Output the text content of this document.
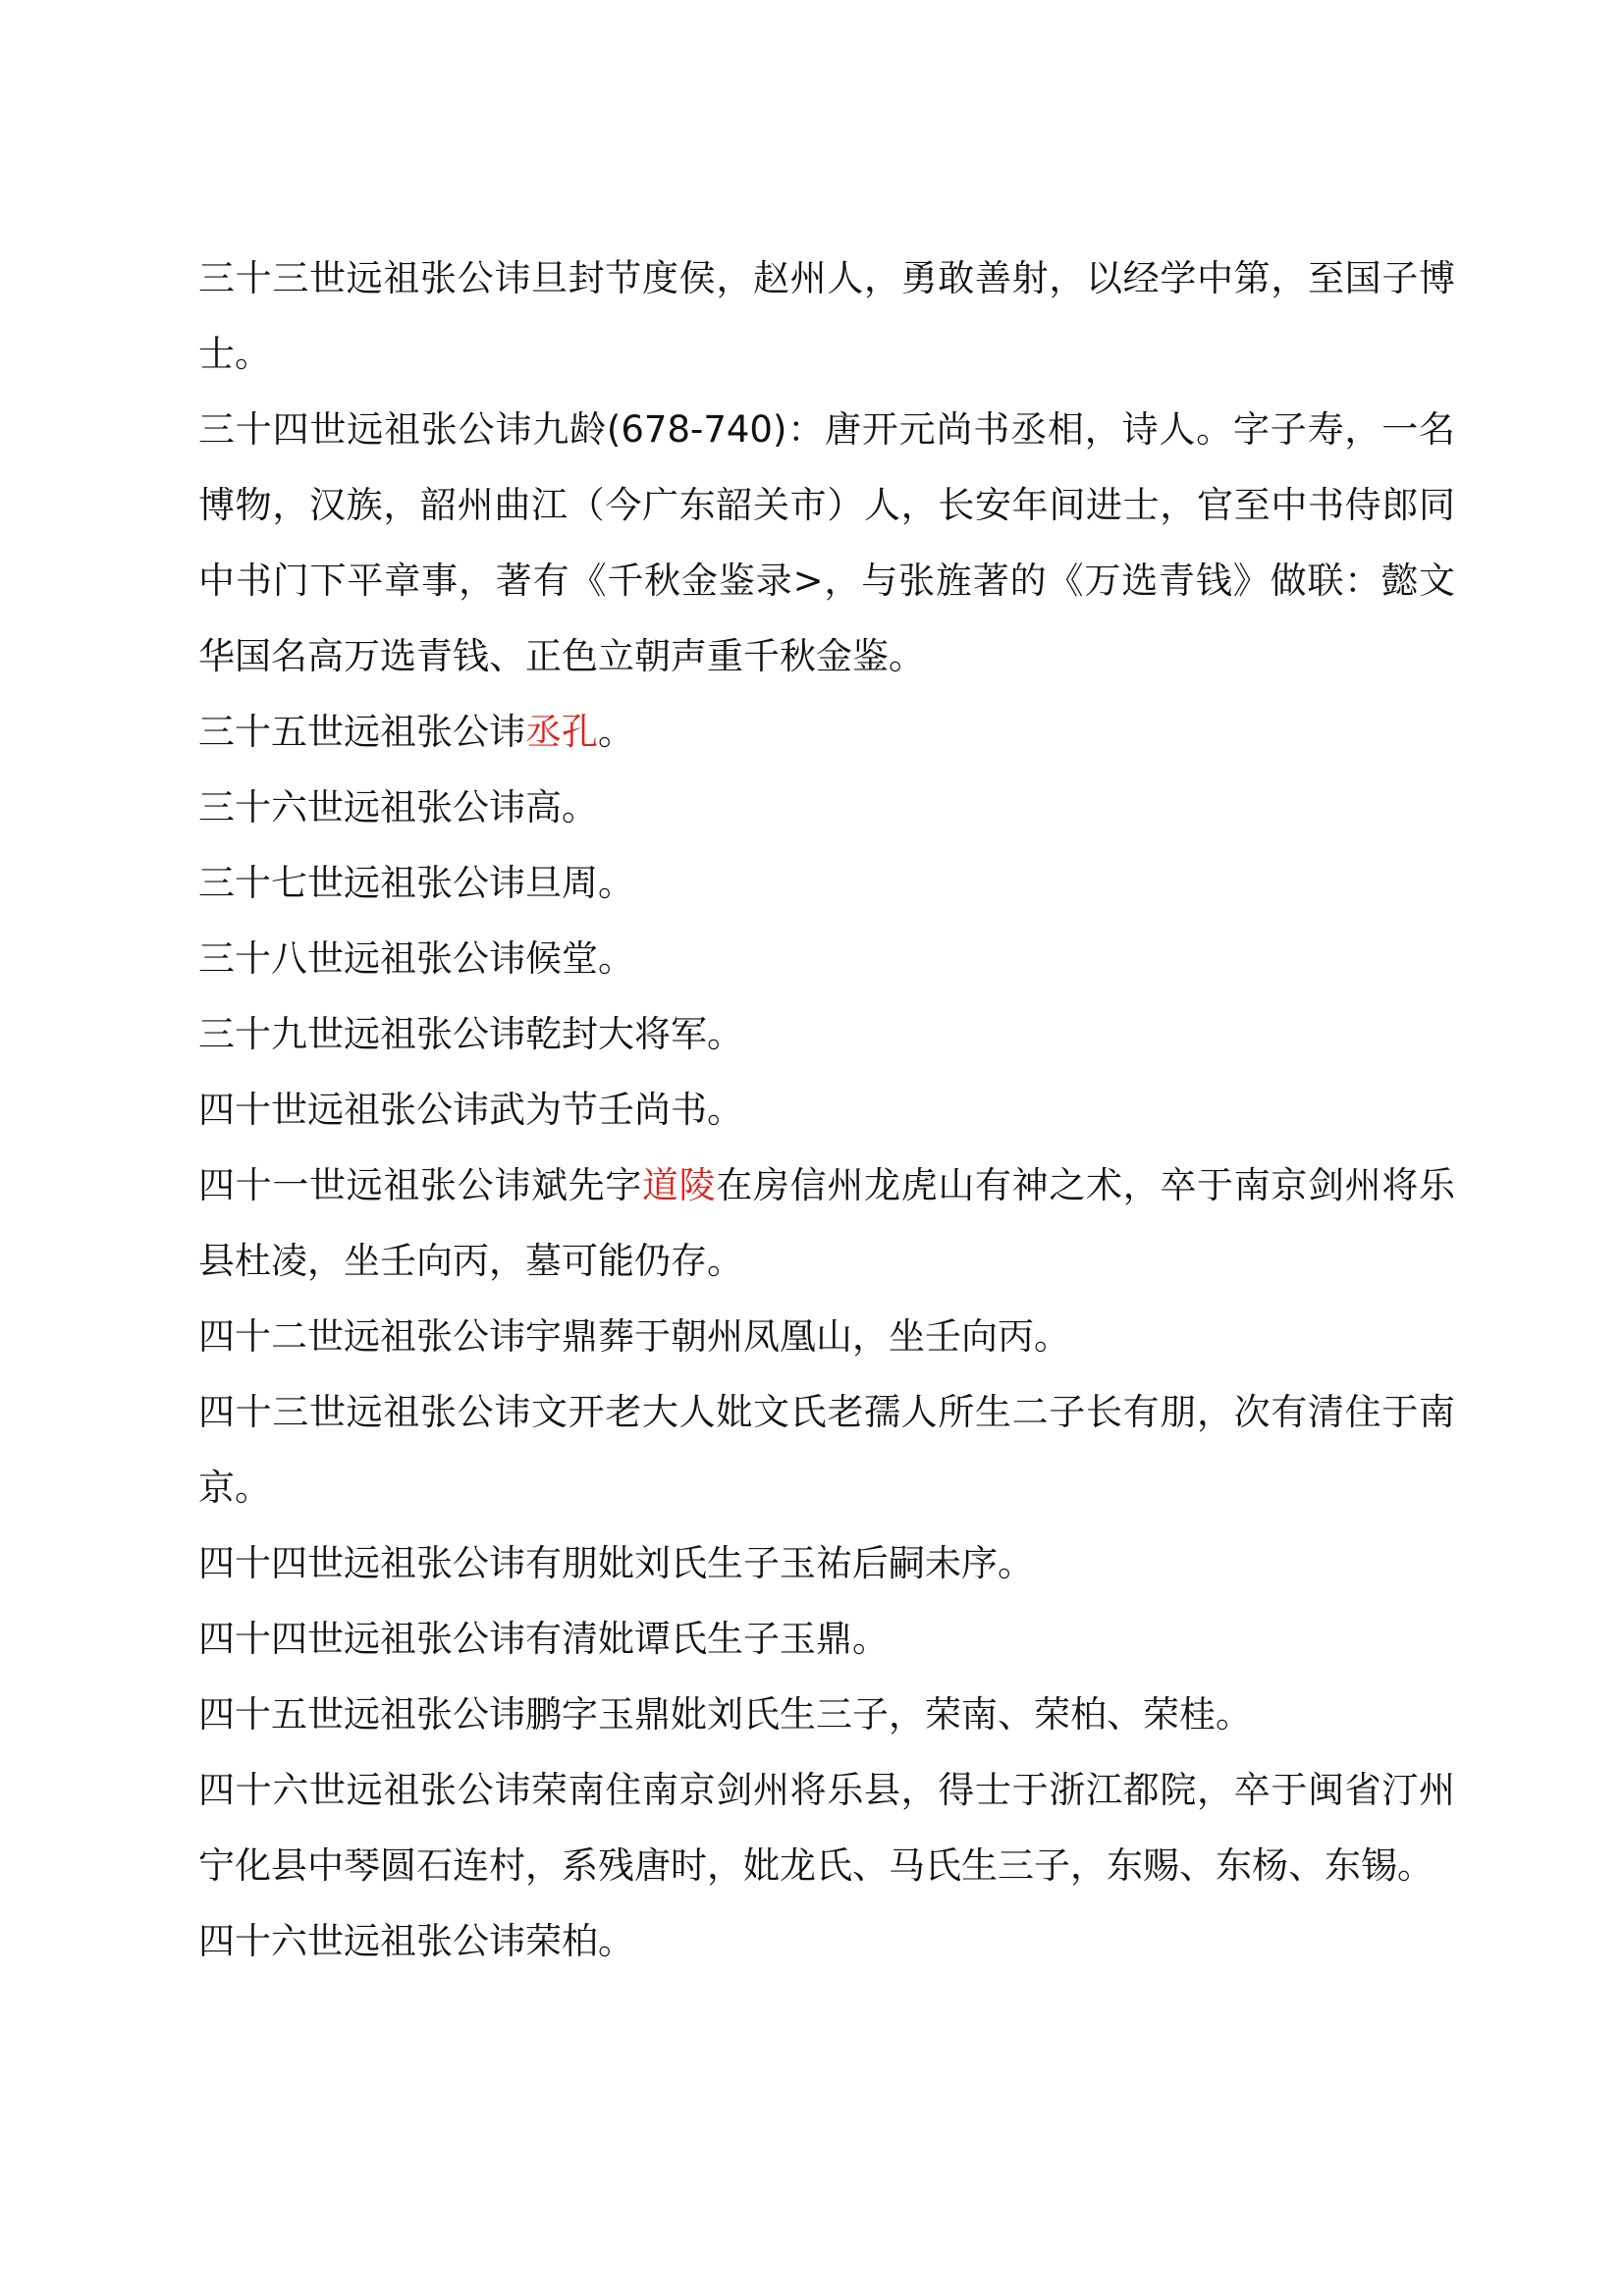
三十三世远祖张公讳旦封节度侯，赵州人，勇敢善射，以经学中第，至国子博士。

三十四世远祖张公讳九龄(678-740)：唐开元尚书丞相，诗人。字子寿，一名博物，汉族，韶州曲江（今广东韶关市）人，长安年间进士，官至中书侍郎同中书门下平章事，著有《千秋金鉴录>，与张旌著的《万选青钱》做联：懿文华国名高万选青钱、正色立朝声重千秋金鉴。

三十五世远祖张公讳丞孔。

三十六世远祖张公讳高。

三十七世远祖张公讳旦周。

三十八世远祖张公讳候堂。

三十九世远祖张公讳乾封大将军。

四十世远祖张公讳武为节壬尚书。

四十一世远祖张公讳斌先字道陵在房信州龙虎山有神之术，卒于南京剑州将乐县杜凌，坐壬向丙，墓可能仍存。

四十二世远祖张公讳宇鼎葬于朝州凤凰山，坐壬向丙。

四十三世远祖张公讳文开老大人妣文氏老孺人所生二子长有朋，次有清住于南京。

四十四世远祖张公讳有朋妣刘氏生子玉祐后嗣未序。

四十四世远祖张公讳有清妣谭氏生子玉鼎。

四十五世远祖张公讳鹏字玉鼎妣刘氏生三子，荣南、荣柏、荣桂。

四十六世远祖张公讳荣南住南京剑州将乐县，得士于浙江都院，卒于闽省汀州宁化县中琴圆石连村，系残唐时，妣龙氏、马氏生三子，东赐、东杨、东锡。

四十六世远祖张公讳荣柏。
